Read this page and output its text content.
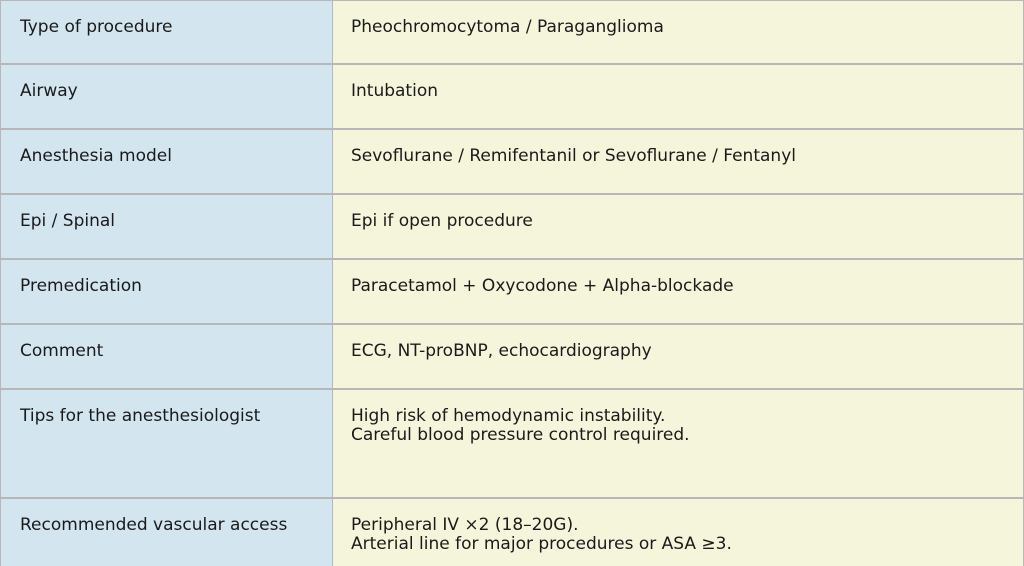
Type of procedure	Pheochromocytoma / Paraganglioma
Airway	Intubation
Anesthesia model	Sevoflurane / Remifentanil or Sevoflurane / Fentanyl
Epi / Spinal	Epi if open procedure
Premedication	Paracetamol + Oxycodone + Alpha-blockade
Comment	ECG, NT-proBNP, echocardiography
Tips for the anesthesiologist	High risk of hemodynamic instability.
Careful blood pressure control required.
Recommended vascular access	Peripheral IV ×2 (18–20G).
Arterial line for major procedures or ASA ≥3.
